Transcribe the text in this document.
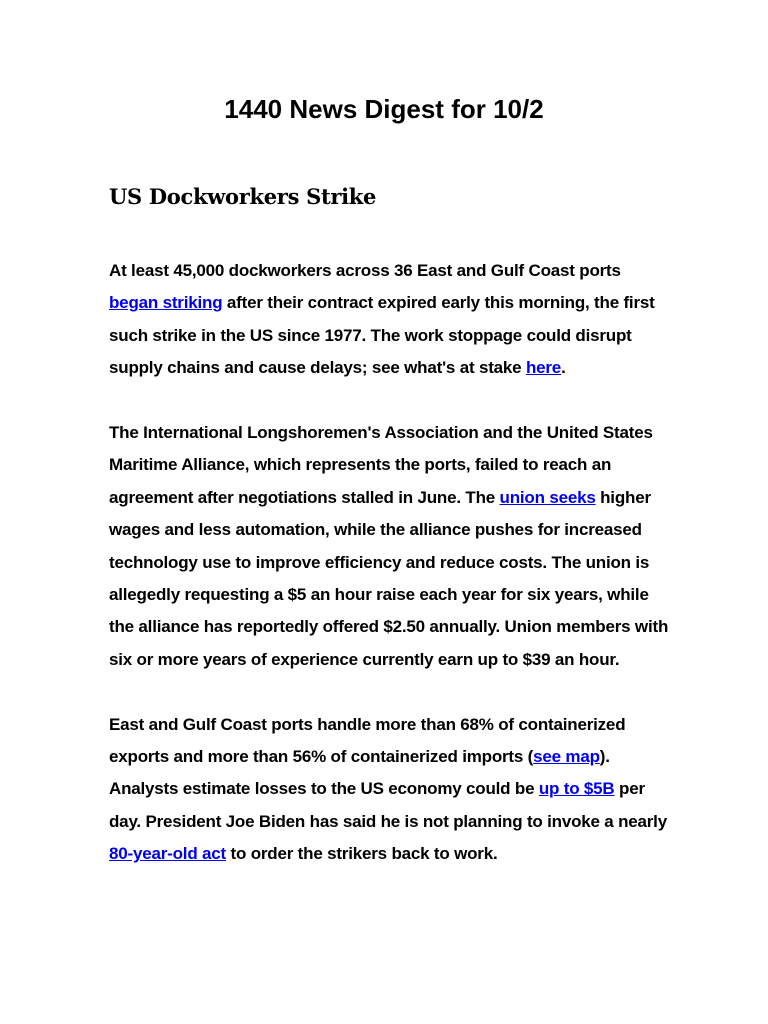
1440 News Digest for 10/2
US Dockworkers Strike

At least 45,000 dockworkers across 36 East and Gulf Coast ports began striking after their contract expired early this morning, the first such strike in the US since 1977. The work stoppage could disrupt supply chains and cause delays; see what's at stake here.

The International Longshoremen's Association and the United States Maritime Alliance, which represents the ports, failed to reach an agreement after negotiations stalled in June. The union seeks higher wages and less automation, while the alliance pushes for increased technology use to improve efficiency and reduce costs. The union is allegedly requesting a $5 an hour raise each year for six years, while the alliance has reportedly offered $2.50 annually. Union members with six or more years of experience currently earn up to $39 an hour.

East and Gulf Coast ports handle more than 68% of containerized exports and more than 56% of containerized imports (see map). Analysts estimate losses to the US economy could be up to $5B per day. President Joe Biden has said he is not planning to invoke a nearly 80-year-old act to order the strikers back to work.
